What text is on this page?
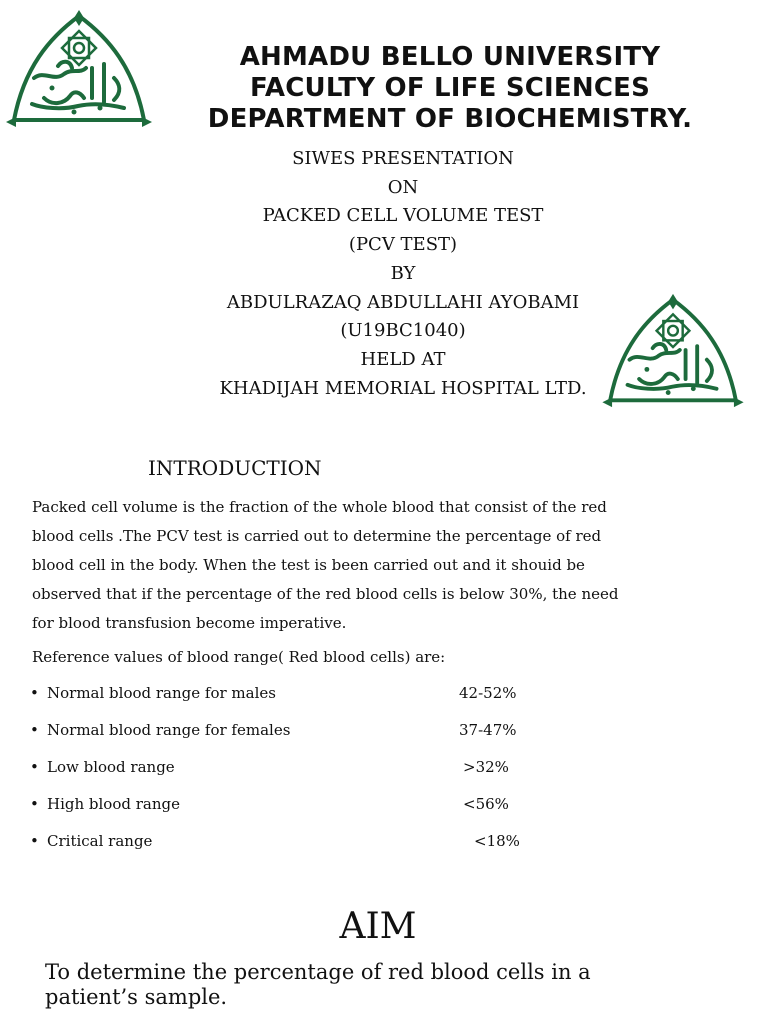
AHMADU BELLO UNIVERSITY
FACULTY OF LIFE SCIENCES
DEPARTMENT OF BIOCHEMISTRY.
SIWES PRESENTATION
ON
PACKED CELL VOLUME TEST
(PCV TEST)
BY
ABDULRAZAQ ABDULLAHI AYOBAMI
(U19BC1040)
HELD AT
KHADIJAH MEMORIAL HOSPITAL LTD.
INTRODUCTION
Packed cell volume is the fraction of the whole blood that consist of the red
blood cells .The PCV test is carried out to determine the percentage of red
blood cell in the body. When the test is been carried out and it shouid be
observed that if the percentage of the red blood cells is below 30%, the need
for blood transfusion become imperative.
Reference values of blood range( Red blood cells) are:
• Normal blood range for males	42-52%
• Normal blood range for females	37-47%
• Low blood range	>32%
• High blood range	<56%
• Critical range	<18%
AIM
To determine the percentage of red blood cells in a
patient’s sample.
